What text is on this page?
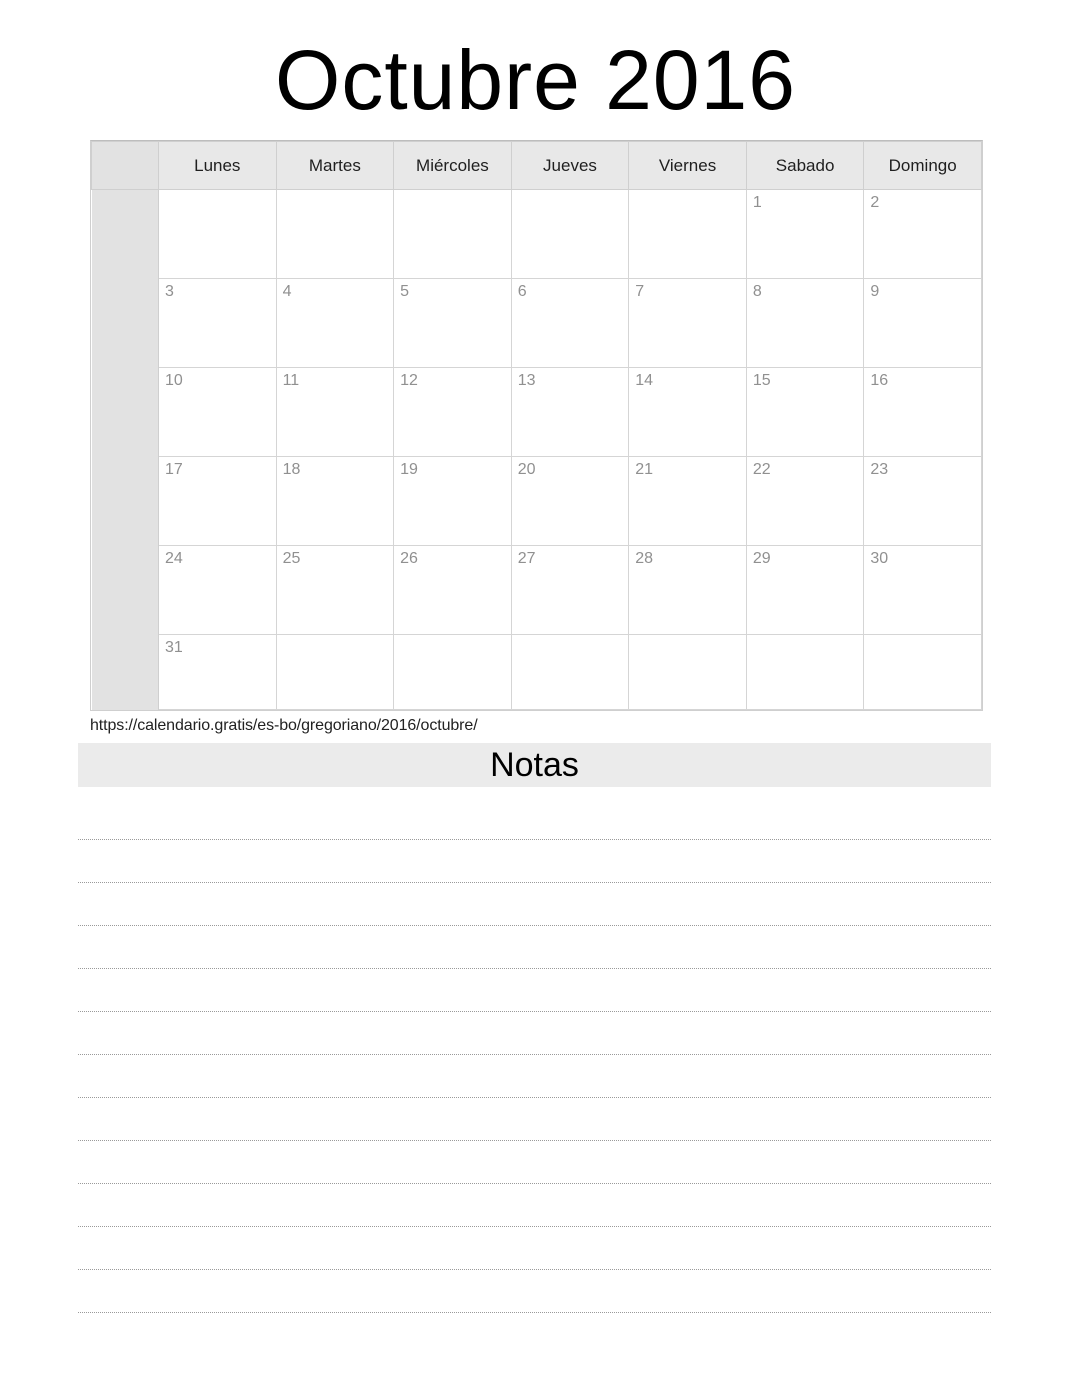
Octubre 2016
	Lunes	Martes	Miércoles	Jueves	Viernes	Sabado	Domingo
						1	2
	3	4	5	6	7	8	9
	10	11	12	13	14	15	16
	17	18	19	20	21	22	23
	24	25	26	27	28	29	30
	31						
https://calendario.gratis/es-bo/gregoriano/2016/octubre/
Notas
